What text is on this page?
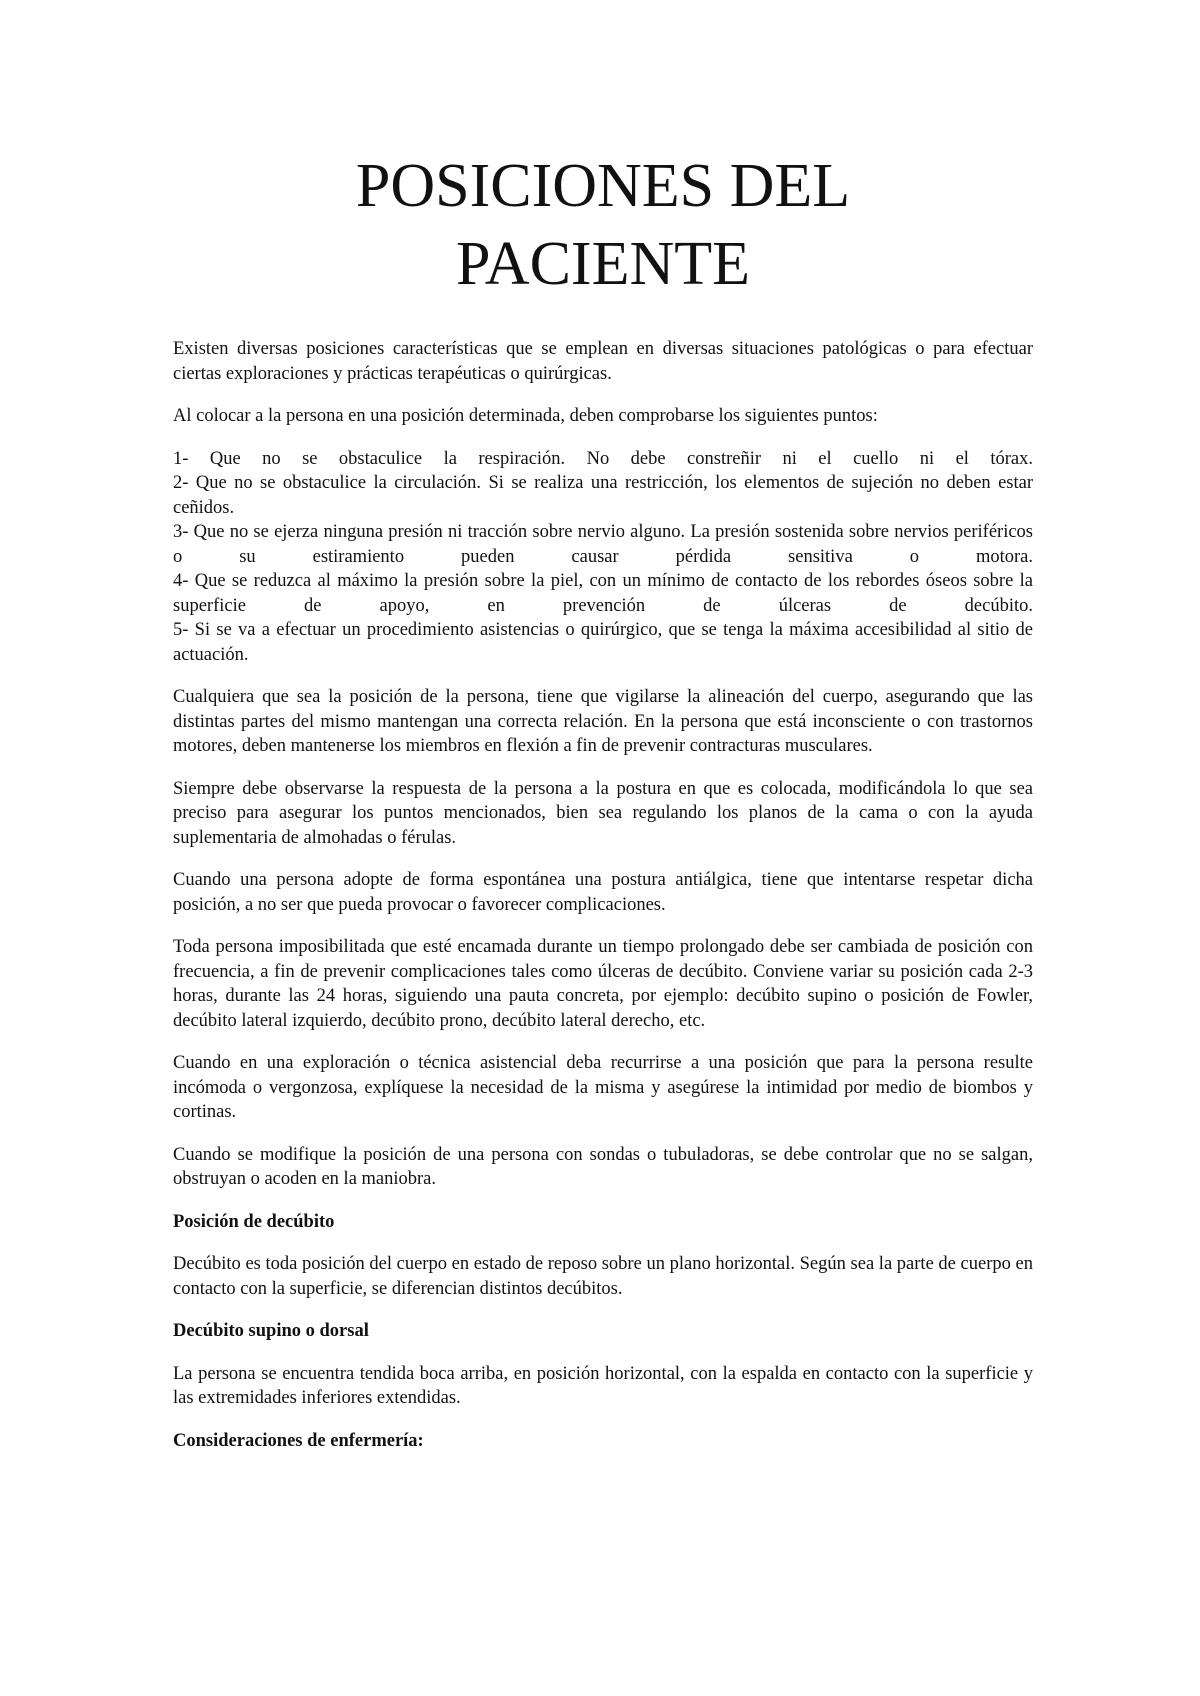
POSICIONES DEL
PACIENTE

Existen diversas posiciones características que se emplean en diversas situaciones patológicas o para efectuar ciertas exploraciones y prácticas terapéuticas o quirúrgicas.

Al colocar a la persona en una posición determinada, deben comprobarse los siguientes puntos:

1- Que no se obstaculice la respiración. No debe constreñir ni el cuello ni el tórax.

2- Que no se obstaculice la circulación. Si se realiza una restricción, los elementos de sujeción no deben estar ceñidos.

3- Que no se ejerza ninguna presión ni tracción sobre nervio alguno. La presión sostenida sobre nervios periféricos o su estiramiento pueden causar pérdida sensitiva o motora.

4- Que se reduzca al máximo la presión sobre la piel, con un mínimo de contacto de los rebordes óseos sobre la superficie de apoyo, en prevención de úlceras de decúbito.

5- Si se va a efectuar un procedimiento asistencias o quirúrgico, que se tenga la máxima accesibilidad al sitio de actuación.

Cualquiera que sea la posición de la persona, tiene que vigilarse la alineación del cuerpo, asegurando que las distintas partes del mismo mantengan una correcta relación. En la persona que está inconsciente o con trastornos motores, deben mantenerse los miembros en flexión a fin de prevenir contracturas musculares.

Siempre debe observarse la respuesta de la persona a la postura en que es colocada, modificándola lo que sea preciso para asegurar los puntos mencionados, bien sea regulando los planos de la cama o con la ayuda suplementaria de almohadas o férulas.

Cuando una persona adopte de forma espontánea una postura antiálgica, tiene que intentarse respetar dicha posición, a no ser que pueda provocar o favorecer complicaciones.

Toda persona imposibilitada que esté encamada durante un tiempo prolongado debe ser cambiada de posición con frecuencia, a fin de prevenir complicaciones tales como úlceras de decúbito. Conviene variar su posición cada 2-3 horas, durante las 24 horas, siguiendo una pauta concreta, por ejemplo: decúbito supino o posición de Fowler, decúbito lateral izquierdo, decúbito prono, decúbito lateral derecho, etc.

Cuando en una exploración o técnica asistencial deba recurrirse a una posición que para la persona resulte incómoda o vergonzosa, explíquese la necesidad de la misma y asegúrese la intimidad por medio de biombos y cortinas.

Cuando se modifique la posición de una persona con sondas o tubuladoras, se debe controlar que no se salgan, obstruyan o acoden en la maniobra.

Posición de decúbito

Decúbito es toda posición del cuerpo en estado de reposo sobre un plano horizontal. Según sea la parte de cuerpo en contacto con la superficie, se diferencian distintos decúbitos.

Decúbito supino o dorsal

La persona se encuentra tendida boca arriba, en posición horizontal, con la espalda en contacto con la superficie y las extremidades inferiores extendidas.

Consideraciones de enfermería:
